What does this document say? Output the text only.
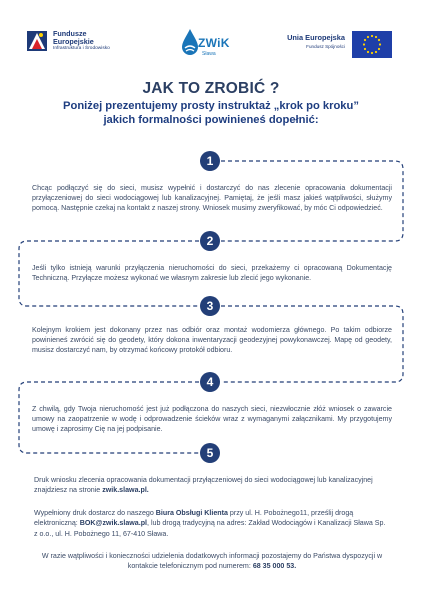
Fundusze
Europejskie
Infrastruktura i Środowisko	ZWiK
Sława
Unia Europejska
Fundusz Spójności
JAK TO ZROBIĆ ?
Poniżej prezentujemy prosty instruktaż „krok po kroku”
jakich formalności powinieneś dopełnić:
1
2
3
4
5
Chcąc podłączyć się do sieci, musisz wypełnić i dostarczyć do nas zlecenie opracowania dokumentacji przyłączeniowej do sieci wodociągowej lub kanalizacyjnej. Pamiętaj, że jeśli masz jakieś wątpliwości, służymy pomocą. Następnie czekaj na kontakt z naszej strony. Wniosek musimy zweryfikować, by móc Ci odpowiedzieć.
Jeśli tylko istnieją warunki przyłączenia nieruchomości do sieci, przekażemy ci opracowaną Dokumentację Techniczną. Przyłącze możesz wykonać we własnym zakresie lub zlecić jego wykonanie.
Kolejnym krokiem jest dokonany przez nas odbiór oraz montaż wodomierza głównego. Po takim odbiorze powinieneś zwrócić się do geodety, który dokona inwentaryzacji geodezyjnej powykonawczej. Mapę od geodety, musisz dostarczyć nam, by otrzymać końcowy protokół odbioru.
Z chwilą, gdy Twoja nieruchomość jest już podłączona do naszych sieci, niezwłocznie złóż wniosek o zawarcie umowy na zaopatrzenie w wodę i odprowadzenie ścieków wraz z wymaganymi załącznikami. My przygotujemy umowę i zaprosimy Cię na jej podpisanie.

Druk wniosku zlecenia opracowania dokumentacji przyłączeniowej do sieci wodociągowej lub kanalizacyjnej znajdziesz na stronie zwik.slawa.pl.

Wypełniony druk dostarcz do naszego Biura Obsługi Klienta przy ul. H. Pobożnego11, prześlij drogą elektroniczną: BOK@zwik.slawa.pl, lub drogą tradycyjną na adres: Zakład Wodociągów i Kanalizacji Sława Sp. z o.o., ul. H. Pobożnego 11, 67-410 Sława.

W razie wątpliwości i konieczności udzielenia dodatkowych informacji pozostajemy do Państwa dyspozycji w kontakcie telefonicznym pod numerem: 68 35 000 53.
